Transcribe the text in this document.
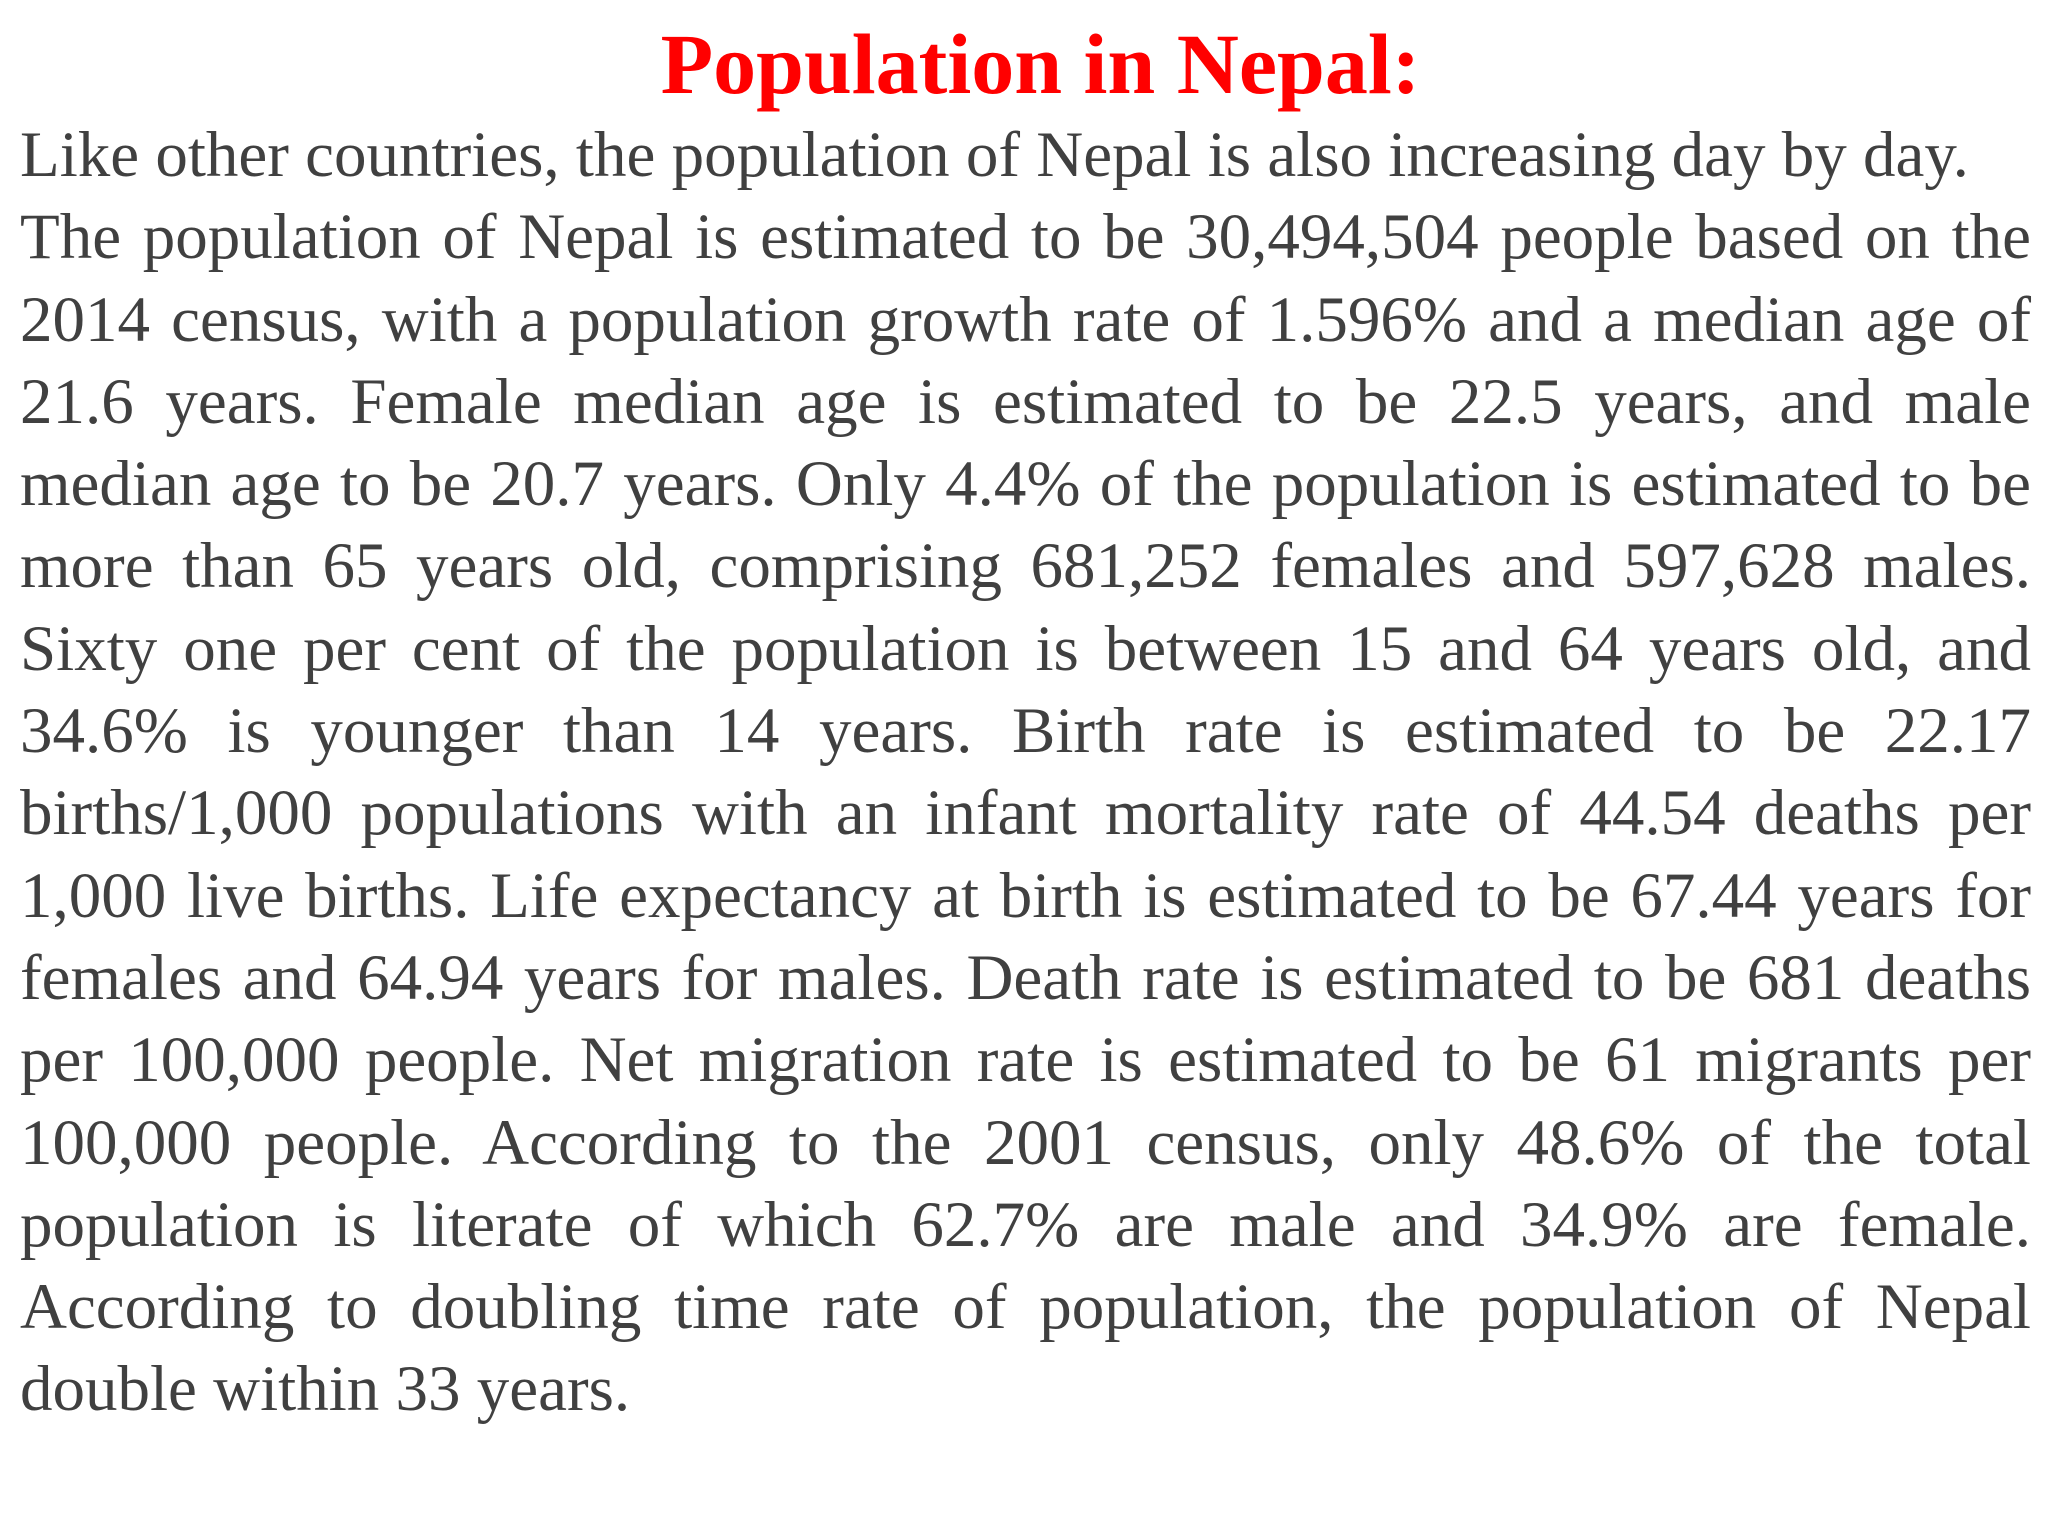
Population in Nepal:

Like other countries, the population of Nepal is also increasing day by day.

The population of Nepal is estimated to be 30,494,504 people based on the 2014 census, with a population growth rate of 1.596% and a median age of 21.6 years. Female median age is estimated to be 22.5 years, and male median age to be 20.7 years. Only 4.4% of the population is estimated to be more than 65 years old, comprising 681,252 females and 597,628 males. Sixty one per cent of the population is between 15 and 64 years old, and 34.6% is younger than 14 years. Birth rate is estimated to be 22.17 births/1,000 populations with an infant mortality rate of 44.54 deaths per 1,000 live births. Life expectancy at birth is estimated to be 67.44 years for females and 64.94 years for males. Death rate is estimated to be 681 deaths per 100,000 people. Net migration rate is estimated to be 61 migrants per 100,000 people. According to the 2001 census, only 48.6% of the total population is literate of which 62.7% are male and 34.9% are female. According to doubling time rate of population, the population of Nepal double within 33 years.
